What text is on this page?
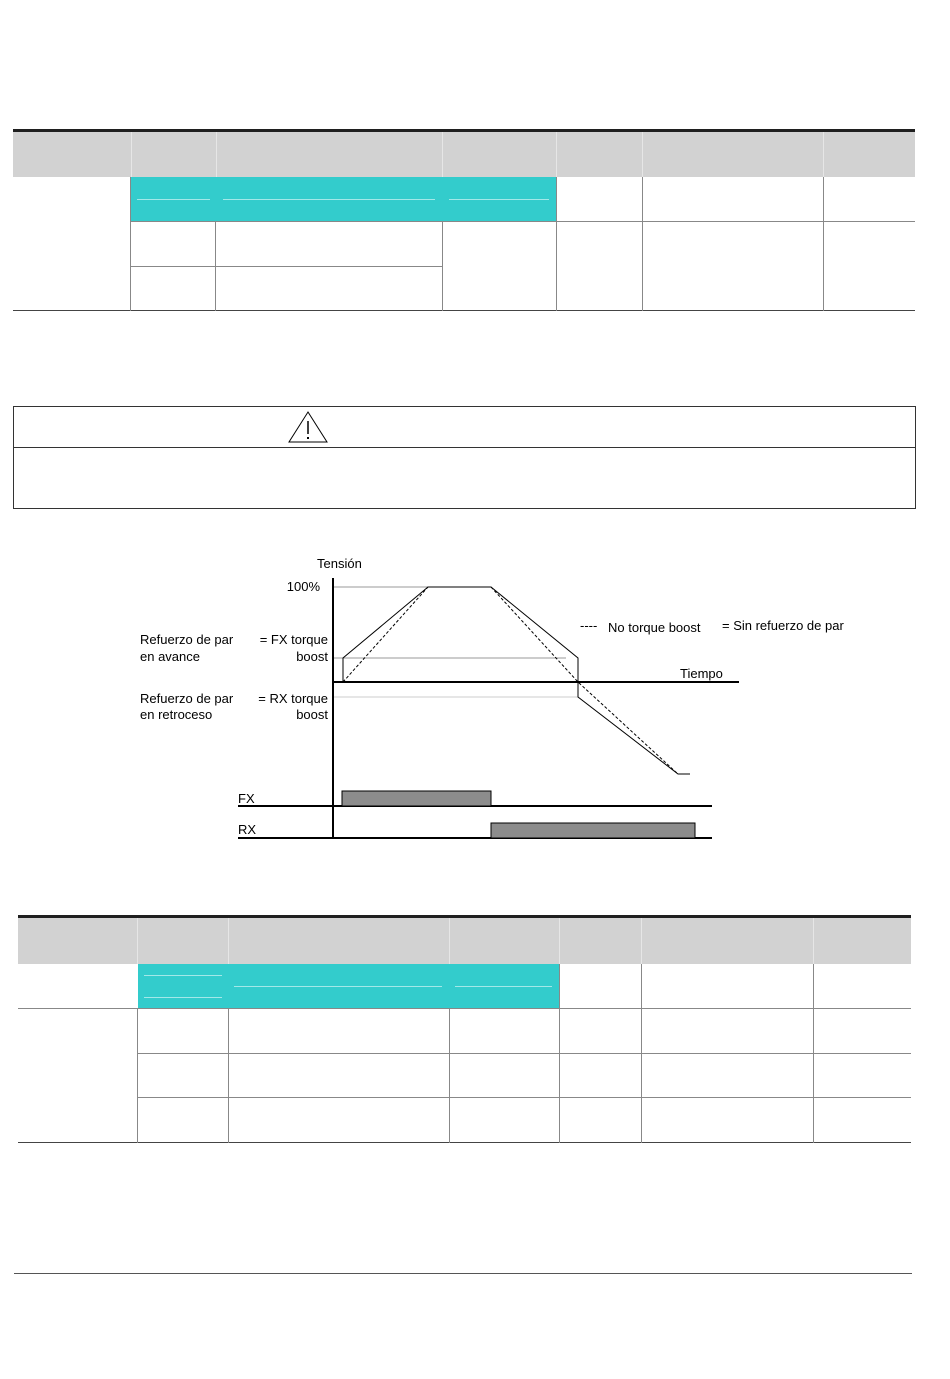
Tensión
100%
Refuerzo de par
en avance
= FX torque
boost
Refuerzo de par
en retroceso
= RX torque
boost
---- No torque boost = Sin refuerzo de par
Tiempo
FX
RX
